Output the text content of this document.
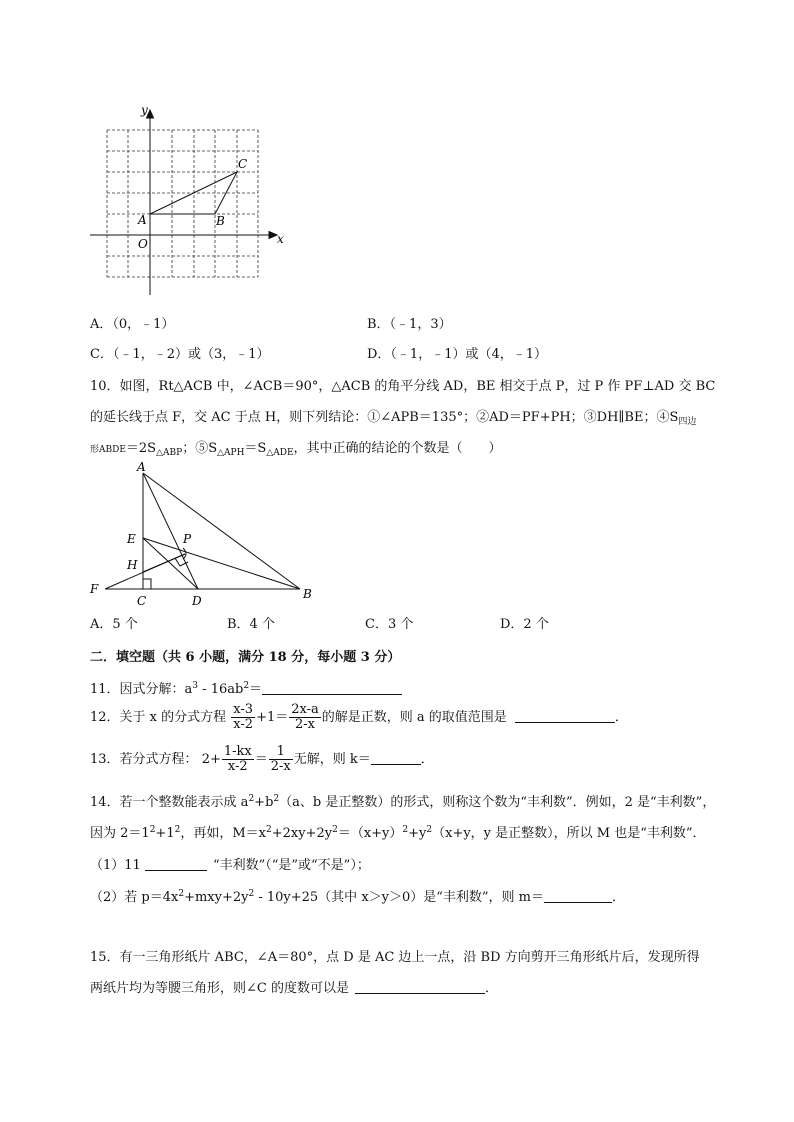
x
y
O
A	B
C
A．（0，﹣1）	B．（﹣1，3）
C．（﹣1，﹣2）或（3，﹣1）	D．（﹣1，﹣1）或（4，﹣1）
10．如图，Rt△ACB 中，∠ACB＝90°，△ACB 的角平分线 AD，BE 相交于点 P，过 P 作 PF⊥AD 交 BC
的延长线于点 F，交 AC 于点 H，则下列结论：①∠APB＝135°；②AD＝PF+PH；③DH∥BE；$④S_{四边}$
形$ABDE=2S_{\triangle ABP}$；$⑤S_{\triangle APH}=S_{\triangle ADE}$，其中正确的结论的个数是（　　）
A
B
C	D
E
F
H
P
A．5 个	B．4 个	C．3 个	D．2 个
二．填空题（共 6 小题，满分 18 分，每小题 3 分）
11．因式分解：$a^3 - 16ab^2=$
12．关于 x 的分式方程 $\frac{x-3}{x-2} +1= \frac{2x-a}{2-x}$ 的解是正数，则 a 的取值范围是	．
13．若分式方程： $2+ \frac{1-kx}{x-2} = \frac{1}{2-x}$ 无解，则 k＝	．
14．若一个整数能表示成 $a^2+b^2(a$、b 是正整数）的形式，则称这个数为“丰利数”．例如，2 是“丰利数”，
因为 $2=1^2+1^2$，再如，$M=x^2+2xy+2y^2=(x+y)^2+y^2(x+y$，y 是正整数），所以 M 也是“丰利数”．
（1）11	“丰利数”（“是”或“不是”）；
（2）若 $p=4x^2+mxy+2y^2 - 10y+25$（其中 x＞y＞0）是“丰利数”，则 m＝	．
15．有一三角形纸片 ABC，∠A＝80°，点 D 是 AC 边上一点，沿 BD 方向剪开三角形纸片后，发现所得
两纸片均为等腰三角形，则∠C 的度数可以是	．
